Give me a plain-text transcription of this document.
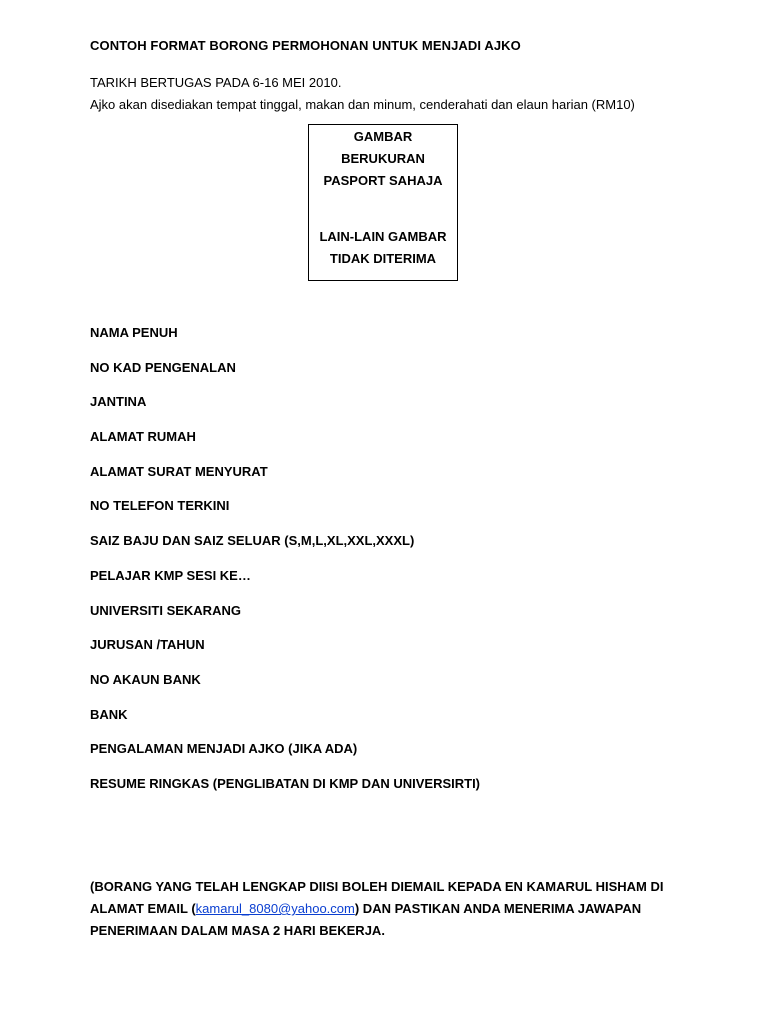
CONTOH FORMAT BORONG PERMOHONAN UNTUK MENJADI AJKO
TARIKH BERTUGAS PADA 6-16 MEI 2010.
Ajko akan disediakan tempat tinggal, makan dan minum, cenderahati dan elaun harian (RM10)
GAMBAR
BERUKURAN
PASPORT SAHAJA
LAIN-LAIN GAMBAR
TIDAK DITERIMA
NAMA PENUH
NO KAD PENGENALAN
JANTINA
ALAMAT RUMAH
ALAMAT SURAT MENYURAT
NO TELEFON TERKINI
SAIZ BAJU DAN SAIZ SELUAR (S,M,L,XL,XXL,XXXL)
PELAJAR KMP SESI KE…
UNIVERSITI SEKARANG
JURUSAN /TAHUN
NO AKAUN BANK
BANK
PENGALAMAN MENJADI AJKO (JIKA ADA)
RESUME RINGKAS (PENGLIBATAN DI KMP DAN UNIVERSIRTI)
(BORANG YANG TELAH LENGKAP DIISI BOLEH DIEMAIL KEPADA EN KAMARUL HISHAM DI ALAMAT EMAIL (kamarul_8080@yahoo.com) DAN PASTIKAN ANDA MENERIMA JAWAPAN PENERIMAAN DALAM MASA 2 HARI BEKERJA.
